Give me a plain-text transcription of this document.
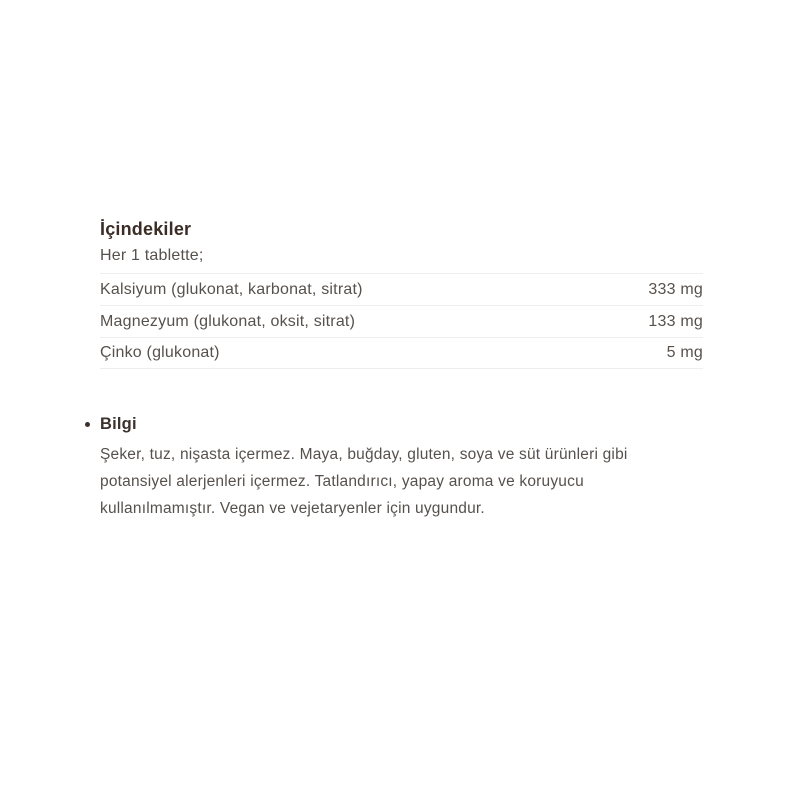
İçindekiler
Her 1 tablette;
Kalsiyum (glukonat, karbonat, sitrat)	333 mg
Magnezyum (glukonat, oksit, sitrat)	133 mg
Çinko (glukonat)	5 mg
Bilgi
Şeker, tuz, nişasta içermez. Maya, buğday, gluten, soya ve süt ürünleri gibi
potansiyel alerjenleri içermez. Tatlandırıcı, yapay aroma ve koruyucu
kullanılmamıştır. Vegan ve vejetaryenler için uygundur.
